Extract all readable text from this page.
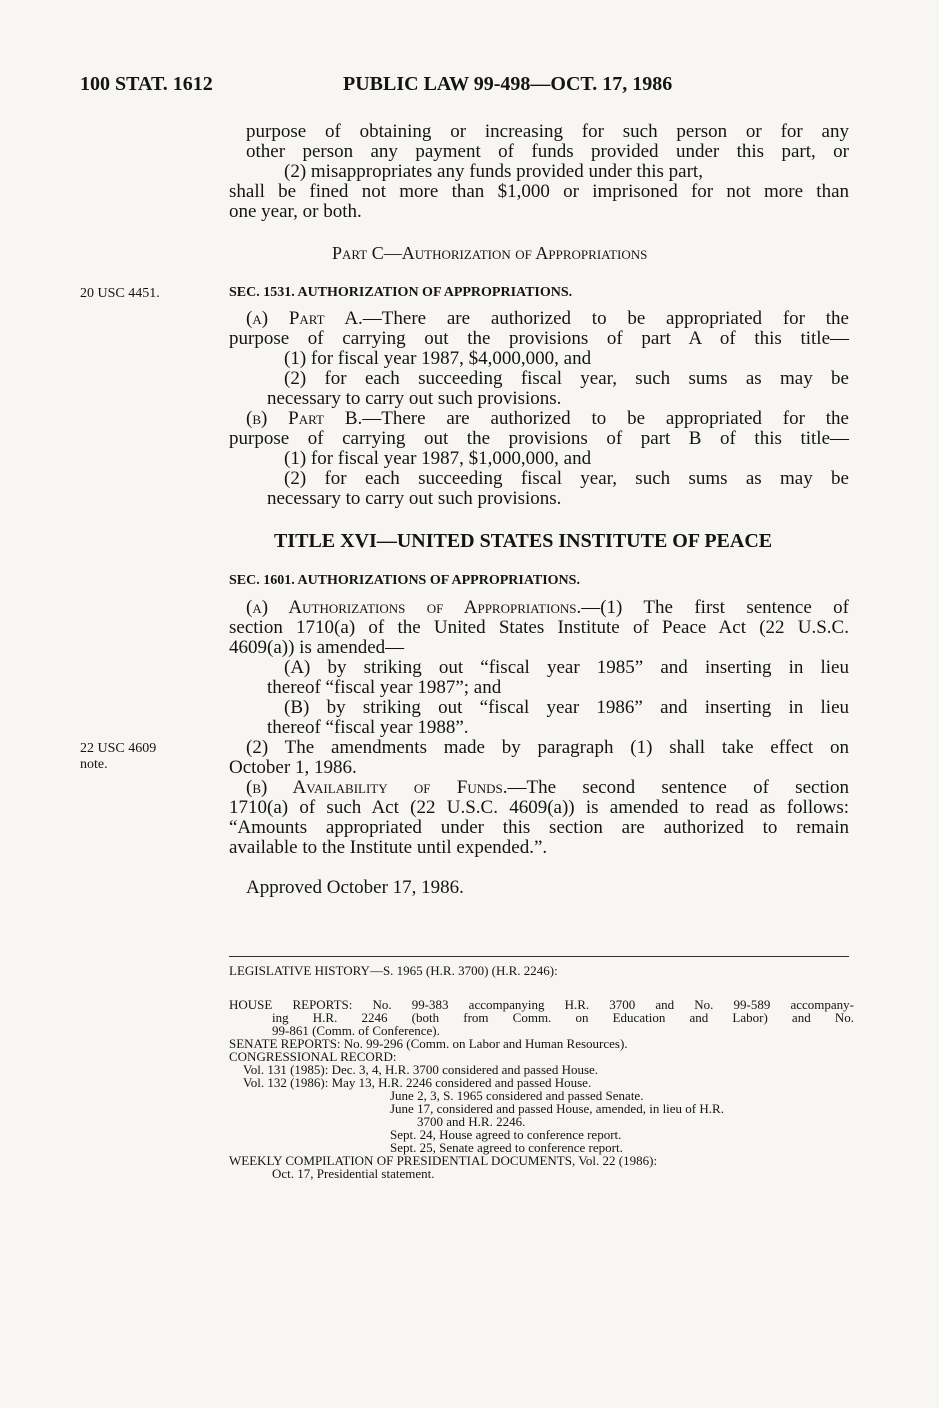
100 STAT. 1612	PUBLIC LAW 99-498—OCT. 17, 1986
purpose of obtaining or increasing for such person or for any
other person any payment of funds provided under this part, or
(2) misappropriates any funds provided under this part,
shall be fined not more than $1,000 or imprisoned for not more than
one year, or both.
Part C—Authorization of Appropriations
20 USC 4451.	SEC. 1531. AUTHORIZATION OF APPROPRIATIONS.
(a) Part A.—There are authorized to be appropriated for the
purpose of carrying out the provisions of part A of this title—
(1) for fiscal year 1987, $4,000,000, and
(2) for each succeeding fiscal year, such sums as may be
necessary to carry out such provisions.
(b) Part B.—There are authorized to be appropriated for the
purpose of carrying out the provisions of part B of this title—
(1) for fiscal year 1987, $1,000,000, and
(2) for each succeeding fiscal year, such sums as may be
necessary to carry out such provisions.
TITLE XVI—UNITED STATES INSTITUTE OF PEACE
SEC. 1601. AUTHORIZATIONS OF APPROPRIATIONS.
(a) Authorizations of Appropriations.—(1) The first sentence of
section 1710(a) of the United States Institute of Peace Act (22 U.S.C.
4609(a)) is amended—
(A) by striking out “fiscal year 1985” and inserting in lieu
thereof “fiscal year 1987”; and
(B) by striking out “fiscal year 1986” and inserting in lieu
thereof “fiscal year 1988”.
(2) The amendments made by paragraph (1) shall take effect on
October 1, 1986.
(b) Availability of Funds.—The second sentence of section
1710(a) of such Act (22 U.S.C. 4609(a)) is amended to read as follows:
“Amounts appropriated under this section are authorized to remain
available to the Institute until expended.”.
22 USC 4609
note.
Approved October 17, 1986.
LEGISLATIVE HISTORY—S. 1965 (H.R. 3700) (H.R. 2246):
HOUSE REPORTS: No. 99-383 accompanying H.R. 3700 and No. 99-589 accompany-
ing H.R. 2246 (both from Comm. on Education and Labor) and No.
99-861 (Comm. of Conference).
SENATE REPORTS: No. 99-296 (Comm. on Labor and Human Resources).
CONGRESSIONAL RECORD:
Vol. 131 (1985): Dec. 3, 4, H.R. 3700 considered and passed House.
Vol. 132 (1986): May 13, H.R. 2246 considered and passed House.
June 2, 3, S. 1965 considered and passed Senate.
June 17, considered and passed House, amended, in lieu of H.R.
3700 and H.R. 2246.
Sept. 24, House agreed to conference report.
Sept. 25, Senate agreed to conference report.
WEEKLY COMPILATION OF PRESIDENTIAL DOCUMENTS, Vol. 22 (1986):
Oct. 17, Presidential statement.
